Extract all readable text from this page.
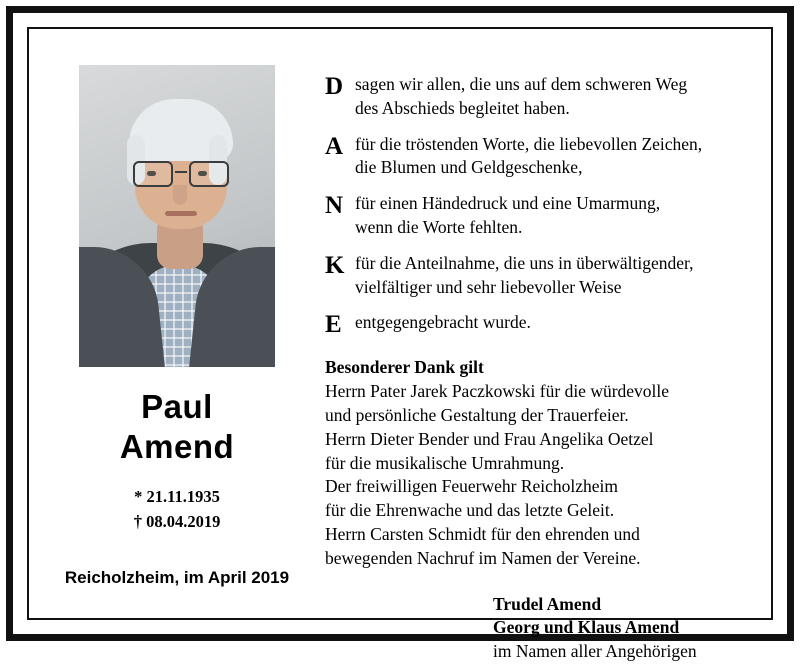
Paul
Amend
* 21.11.1935
† 08.04.2019
Reicholzheim, im April 2019
D sagen wir allen, die uns auf dem schweren Weg
des Abschieds begleitet haben.
A für die tröstenden Worte, die liebevollen Zeichen,
die Blumen und Geldgeschenke,
N für einen Händedruck und eine Umarmung,
wenn die Worte fehlten.
K für die Anteilnahme, die uns in überwältigender,
vielfältiger und sehr liebevoller Weise
E entgegengebracht wurde.
Besonderer Dank gilt
Herrn Pater Jarek Paczkowski für die würdevolle
und persönliche Gestaltung der Trauerfeier.
Herrn Dieter Bender und Frau Angelika Oetzel
für die musikalische Umrahmung.
Der freiwilligen Feuerwehr Reicholzheim
für die Ehrenwache und das letzte Geleit.
Herrn Carsten Schmidt für den ehrenden und
bewegenden Nachruf im Namen der Vereine.
Trudel Amend
Georg und Klaus Amend
im Namen aller Angehörigen
